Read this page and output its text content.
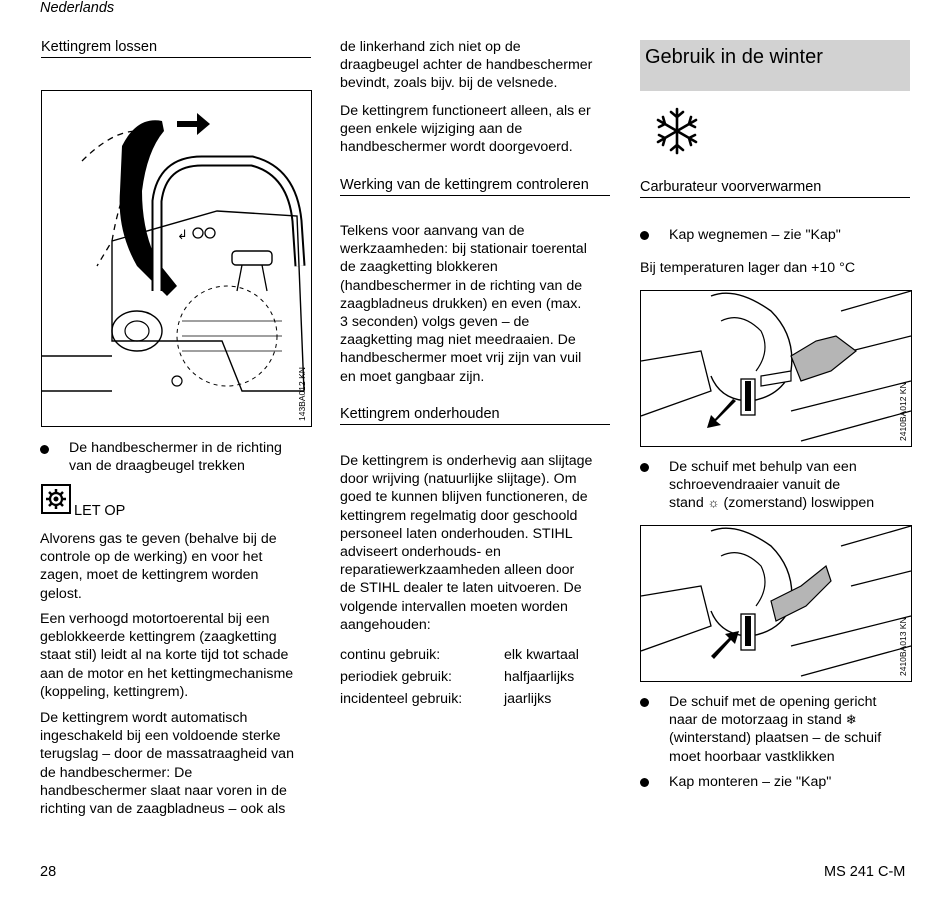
Nederlands
Kettingrem lossen
↲
143BA012 KN
De handbeschermer in de richting
van de draagbeugel trekken
LET OP
Alvorens gas te geven (behalve bij de
controle op de werking) en voor het
zagen, moet de kettingrem worden
gelost.
Een verhoogd motortoerental bij een
geblokkeerde kettingrem (zaagketting
staat stil) leidt al na korte tijd tot schade
aan de motor en het kettingmechanisme
(koppeling, kettingrem).
De kettingrem wordt automatisch
ingeschakeld bij een voldoende sterke
terugslag – door de massatraagheid van
de handbeschermer: De
handbeschermer slaat naar voren in de
richting van de zaagbladneus – ook als
de linkerhand zich niet op de
draagbeugel achter de handbeschermer
bevindt, zoals bijv. bij de velsnede.
De kettingrem functioneert alleen, als er
geen enkele wijziging aan de
handbeschermer wordt doorgevoerd.
Werking van de kettingrem controleren
Telkens voor aanvang van de
werkzaamheden: bij stationair toerental
de zaagketting blokkeren
(handbeschermer in de richting van de
zaagbladneus drukken) en even (max.
3 seconden) volgs geven – de
zaagketting mag niet meedraaien. De
handbeschermer moet vrij zijn van vuil
en moet gangbaar zijn.
Kettingrem onderhouden
De kettingrem is onderhevig aan slijtage
door wrijving (natuurlijke slijtage). Om
goed te kunnen blijven functioneren, de
kettingrem regelmatig door geschoold
personeel laten onderhouden. STIHL
adviseert onderhouds- en
reparatiewerkzaamheden alleen door
de STIHL dealer te laten uitvoeren. De
volgende intervallen moeten worden
aangehouden:
continu gebruik:	elk kwartaal
periodiek gebruik:	halfjaarlijks
incidenteel gebruik:	jaarlijks
Gebruik in de winter
Carburateur voorverwarmen
Kap wegnemen – zie "Kap"
Bij temperaturen lager dan +10 °C
2410BA012 KN
De schuif met behulp van een
schroevendraaier vanuit de
stand ☼ (zomerstand) loswippen
2410BA013 KN
De schuif met de opening gericht
naar de motorzaag in stand ❄
(winterstand) plaatsen – de schuif
moet hoorbaar vastklikken
Kap monteren – zie "Kap"
28	MS 241 C-M
